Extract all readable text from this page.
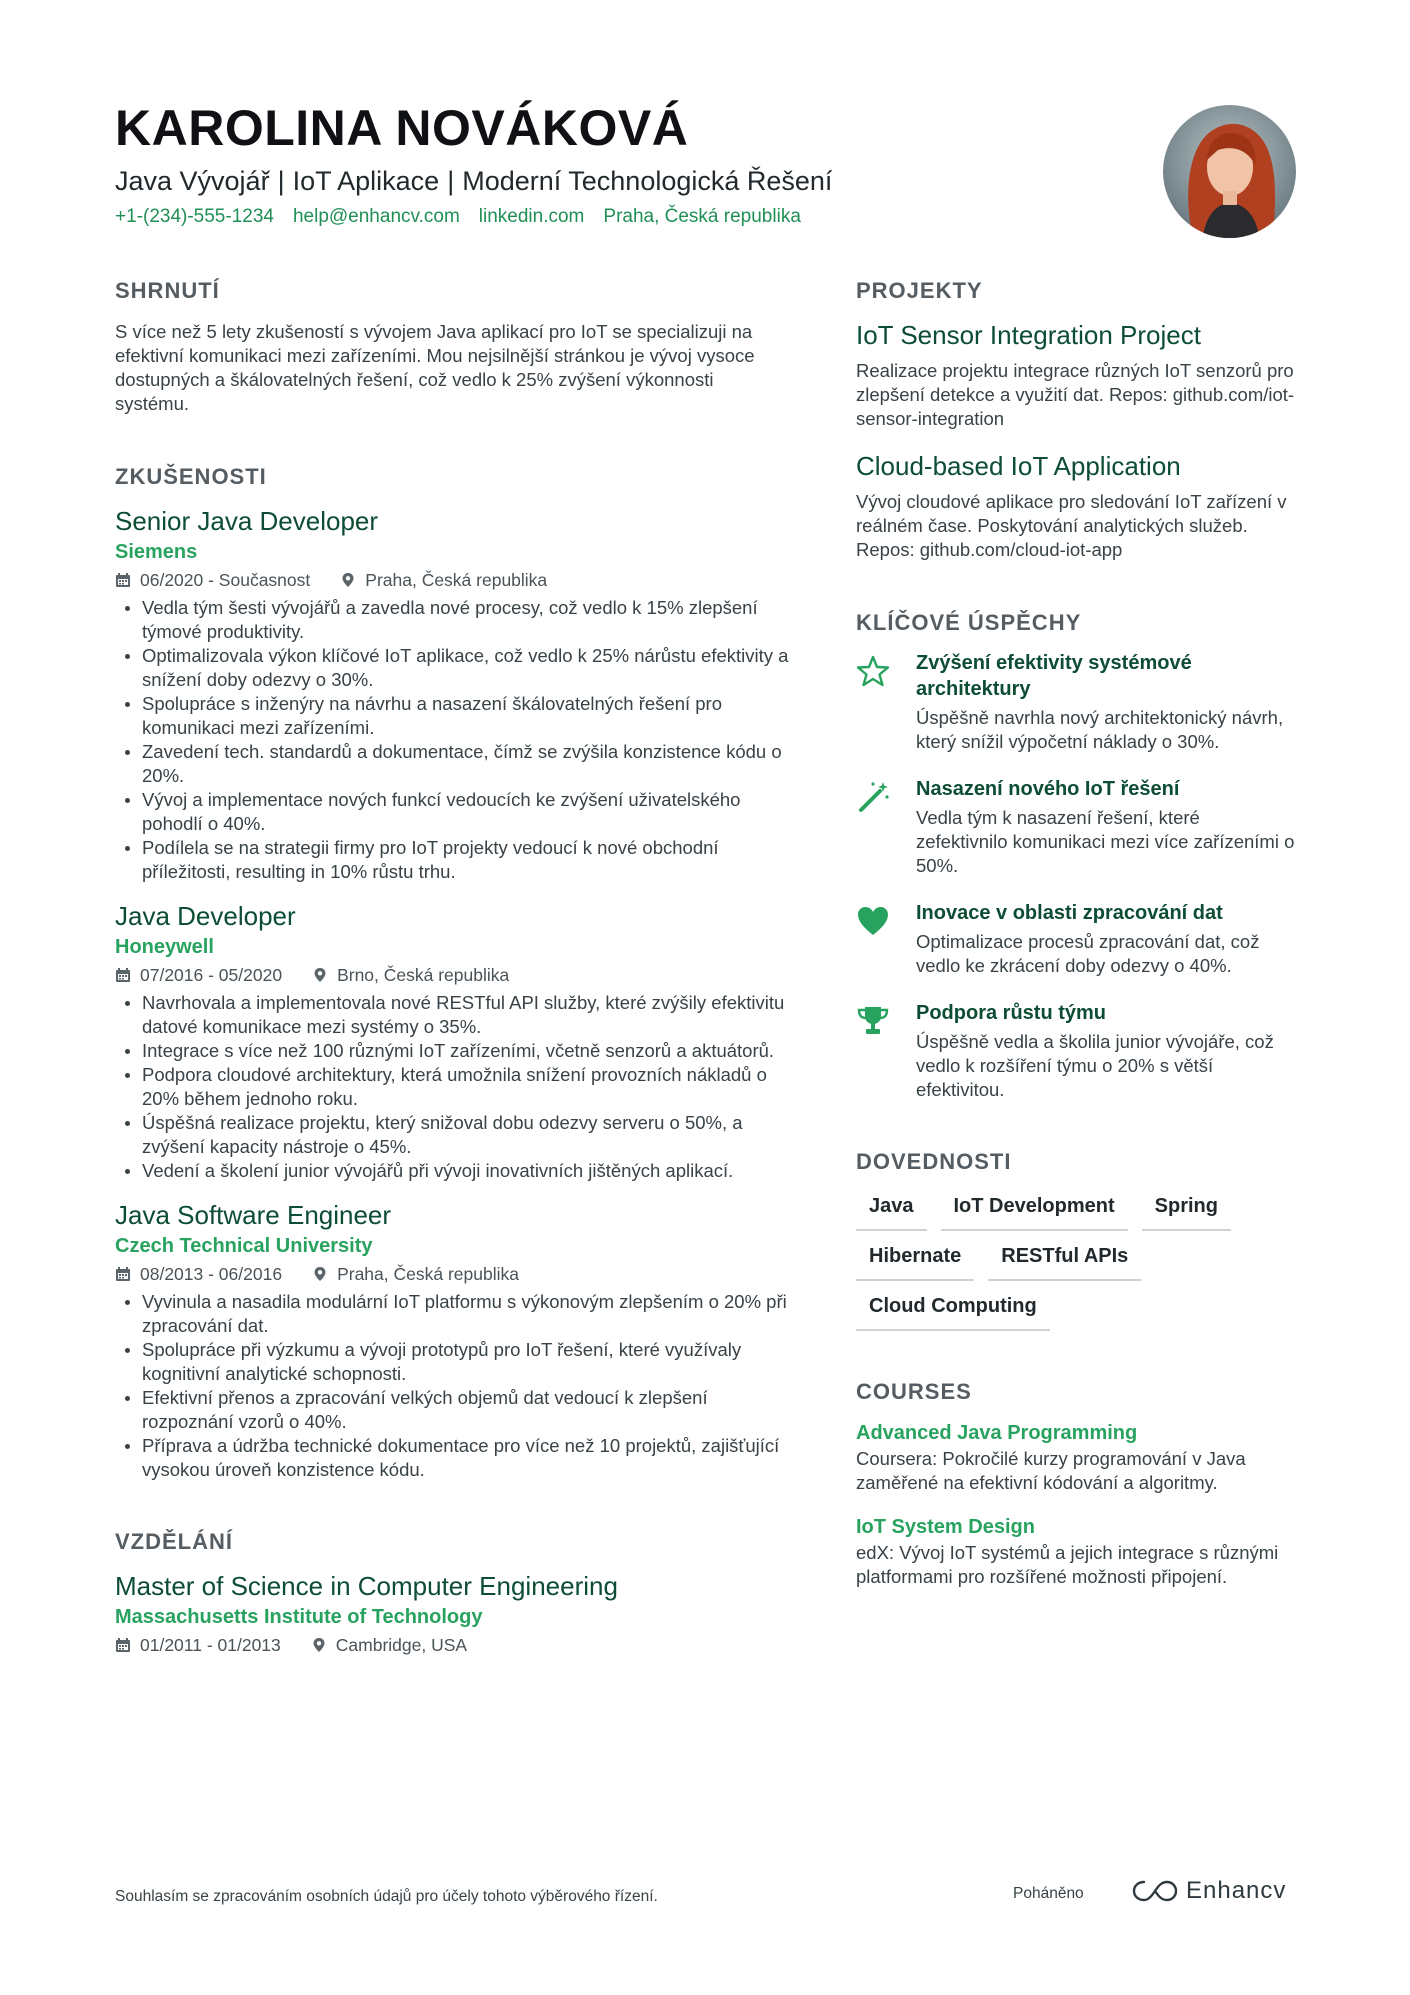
KAROLINA NOVÁKOVÁ
Java Vývojář | IoT Aplikace | Moderní Technologická Řešení
+1-(234)-555-1234 help@enhancv.com linkedin.com Praha, Česká republika
SHRNUTÍ
S více než 5 lety zkušeností s vývojem Java aplikací pro IoT se specializuji na efektivní komunikaci mezi zařízeními. Mou nejsilnější stránkou je vývoj vysoce dostupných a škálovatelných řešení, což vedlo k 25% zvýšení výkonnosti systému.
ZKUŠENOSTI
Senior Java Developer
Siemens
06/2020 - Současnost	Praha, Česká republika
Vedla tým šesti vývojářů a zavedla nové procesy, což vedlo k 15% zlepšení týmové produktivity.
Optimalizovala výkon klíčové IoT aplikace, což vedlo k 25% nárůstu efektivity a snížení doby odezvy o 30%.
Spolupráce s inženýry na návrhu a nasazení škálovatelných řešení pro komunikaci mezi zařízeními.
Zavedení tech. standardů a dokumentace, čímž se zvýšila konzistence kódu o 20%.
Vývoj a implementace nových funkcí vedoucích ke zvýšení uživatelského pohodlí o 40%.
Podílela se na strategii firmy pro IoT projekty vedoucí k nové obchodní příležitosti, resulting in 10% růstu trhu.
Java Developer
Honeywell
07/2016 - 05/2020	Brno, Česká republika
Navrhovala a implementovala nové RESTful API služby, které zvýšily efektivitu datové komunikace mezi systémy o 35%.
Integrace s více než 100 různými IoT zařízeními, včetně senzorů a aktuátorů.
Podpora cloudové architektury, která umožnila snížení provozních nákladů o 20% během jednoho roku.
Úspěšná realizace projektu, který snižoval dobu odezvy serveru o 50%, a zvýšení kapacity nástroje o 45%.
Vedení a školení junior vývojářů při vývoji inovativních jištěných aplikací.
Java Software Engineer
Czech Technical University
08/2013 - 06/2016	Praha, Česká republika
Vyvinula a nasadila modulární IoT platformu s výkonovým zlepšením o 20% při zpracování dat.
Spolupráce při výzkumu a vývoji prototypů pro IoT řešení, které využívaly kognitivní analytické schopnosti.
Efektivní přenos a zpracování velkých objemů dat vedoucí k zlepšení rozpoznání vzorů o 40%.
Příprava a údržba technické dokumentace pro více než 10 projektů, zajišťující vysokou úroveň konzistence kódu.
VZDĚLÁNÍ
Master of Science in Computer Engineering
Massachusetts Institute of Technology
01/2011 - 01/2013	Cambridge, USA
PROJEKTY
IoT Sensor Integration Project
Realizace projektu integrace různých IoT senzorů pro zlepšení detekce a využití dat. Repos: github.com/iot-sensor-integration
Cloud-based IoT Application
Vývoj cloudové aplikace pro sledování IoT zařízení v reálném čase. Poskytování analytických služeb. Repos: github.com/cloud-iot-app
KLÍČOVÉ ÚSPĚCHY
Zvýšení efektivity systémové architektury
Úspěšně navrhla nový architektonický návrh, který snížil výpočetní náklady o 30%.
Nasazení nového IoT řešení
Vedla tým k nasazení řešení, které zefektivnilo komunikaci mezi více zařízeními o 50%.
Inovace v oblasti zpracování dat
Optimalizace procesů zpracování dat, což vedlo ke zkrácení doby odezvy o 40%.
Podpora růstu týmu
Úspěšně vedla a školila junior vývojáře, což vedlo k rozšíření týmu o 20% s větší efektivitou.
DOVEDNOSTI
Java	IoT Development	Spring
Hibernate	RESTful APIs
Cloud Computing
COURSES
Advanced Java Programming
Coursera: Pokročilé kurzy programování v Java zaměřené na efektivní kódování a algoritmy.
IoT System Design
edX: Vývoj IoT systémů a jejich integrace s různými platformami pro rozšířené možnosti připojení.
Souhlasím se zpracováním osobních údajů pro účely tohoto výběrového řízení.	Poháněno	Enhancv
